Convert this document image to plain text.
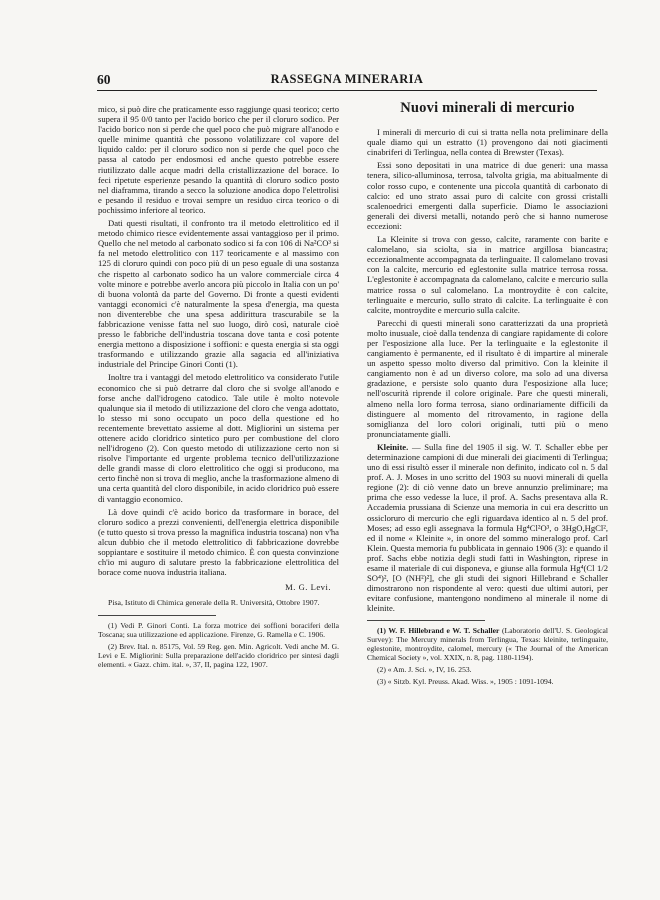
60	RASSEGNA MINERARIA

mico, si può dire che praticamente esso raggiunge quasi teorico; certo supera il 95 0/0 tanto per l'acido borico che per il cloruro sodico. Per l'acido borico non si perde che quel poco che può migrare all'anodo e quelle minime quantità che possono volatilizzare col vapore del liquido caldo: per il cloruro sodico non si perde che quel poco che passa al catodo per endosmosi ed anche questo potrebbe essere riutilizzato dalle acque madri della cristallizzazione del borace. Io feci ripetute esperienze pesando la quantità di cloruro sodico posto nel diaframma, tirando a secco la soluzione anodica dopo l'elettrolisi e pesando il residuo e trovai sempre un residuo circa teorico o di pochissimo inferiore al teorico.

Dati questi risultati, il confronto tra il metodo elettrolitico ed il metodo chimico riesce evidentemente assai vantaggioso per il primo. Quello che nel metodo al carbonato sodico si fa con 106 di Na²CO³ si fa nel metodo elettrolitico con 117 teoricamente e al massimo con 125 di cloruro quindi con poco più di un peso eguale di una sostanza che rispetto al carbonato sodico ha un valore commerciale circa 4 volte minore e potrebbe averlo ancora più piccolo in Italia con un po' di buona volontà da parte del Governo. Di fronte a questi evidenti vantaggi economici c'è naturalmente la spesa d'energia, ma questa non diventerebbe che una spesa addirittura trascurabile se la fabbricazione venisse fatta nel suo luogo, dirò così, naturale cioè presso le fabbriche dell'industria toscana dove tanta e così potente energia mettono a disposizione i soffioni: e questa energia si sta oggi trasformando e utilizzando grazie alla sagacia ed all'iniziativa industriale del Principe Ginori Conti (1).

Inoltre tra i vantaggi del metodo elettrolitico va considerato l'utile economico che si può detrarre dal cloro che si svolge all'anodo e forse anche dall'idrogeno catodico. Tale utile è molto notevole qualunque sia il metodo di utilizzazione del cloro che venga adottato, lo stesso mi sono occupato un poco della questione ed ho recentemente brevettato assieme al dott. Migliorini un sistema per ottenere acido cloridrico sintetico puro per combustione del cloro nell'idrogeno (2). Con questo metodo di utilizzazione certo non si risolve l'importante ed urgente problema tecnico dell'utilizzazione delle grandi masse di cloro elettrolitico che oggi si producono, ma certo finchè non si trova di meglio, anche la trasformazione almeno di una certa quantità del cloro disponibile, in acido cloridrico può essere di vantaggio economico.

Là dove quindi c'è acido borico da trasformare in borace, del cloruro sodico a prezzi convenienti, dell'energia elettrica disponibile (e tutto questo si trova presso la magnifica industria toscana) non v'ha alcun dubbio che il metodo elettrolitico di fabbricazione dovrebbe soppiantare e sostituire il metodo chimico. È con questa convinzione ch'io mi auguro di salutare presto la fabbricazione elettrolitica del borace come nuova industria italiana.

M. G. Levi.

Pisa, Istituto di Chimica generale della R. Università, Ottobre 1907.

(1) Vedi P. Ginori Conti. La forza motrice dei soffioni boraciferi della Toscana; sua utilizzazione ed applicazione. Firenze, G. Ramella e C. 1906.

(2) Brev. Ital. n. 85175, Vol. 59 Reg. gen. Min. Agricolt. Vedi anche M. G. Levi e E. Migliorini: Sulla preparazione dell'acido cloridrico per sintesi dagli elementi. « Gazz. chim. ital. », 37, II, pagina 122, 1907.

Nuovi minerali di mercurio

I minerali di mercurio di cui si tratta nella nota preliminare della quale diamo qui un estratto (1) provengono dai noti giacimenti cinabriferi di Terlingua, nella contea di Brewster (Texas).

Essi sono depositati in una matrice di due generi: una massa tenera, silico-alluminosa, terrosa, talvolta grigia, ma abitualmente di color rosso cupo, e contenente una piccola quantità di carbonato di calcio: ed uno strato assai puro di calcite con grossi cristalli scalenoedrici emergenti dalla superficie. Diamo le associazioni generali dei diversi metalli, notando però che si hanno numerose eccezioni:

La Kleinite si trova con gesso, calcite, raramente con barite e calomelano, sia sciolta, sia in matrice argillosa biancastra; eccezionalmente accompagnata da terlinguaite. Il calomelano trovasi con la calcite, mercurio ed eglestonite sulla matrice terrosa rossa. L'eglestonite è accompagnata da calomelano, calcite e mercurio sulla matrice rossa o sul calomelano. La montroydite è con calcite, terlinguaite e mercurio, sullo strato di calcite. La terlinguaite è con calcite, montroydite e mercurio sulla calcite.

Parecchi di questi minerali sono caratterizzati da una proprietà molto inusuale, cioè dalla tendenza di cangiare rapidamente di colore per l'esposizione alla luce. Per la terlinguaite e la eglestonite il cangiamento è permanente, ed il risultato è di impartire al minerale un aspetto spesso molto diverso dal primitivo. Con la kleinite il cangiamento non è ad un diverso colore, ma solo ad una diversa gradazione, e persiste solo quanto dura l'esposizione alla luce; nell'oscurità riprende il colore originale. Pare che questi minerali, almeno nella loro forma terrosa, siano ordinariamente difficili da distinguere al momento del ritrovamento, in ragione della somiglianza del loro colori originali, tutti più o meno pronunciatamente gialli.

Kleinite. — Sulla fine del 1905 il sig. W. T. Schaller ebbe per determinazione campioni di due minerali dei giacimenti di Terlingua; uno di essi risultò esser il minerale non definito, indicato col n. 5 dal prof. A. J. Moses in uno scritto del 1903 su nuovi minerali di quella regione (2): di ciò venne dato un breve annunzio preliminare; ma prima che esso vedesse la luce, il prof. A. Sachs presentava alla R. Accademia prussiana di Scienze una memoria in cui era descritto un ossicloruro di mercurio che egli riguardava identico al n. 5 del prof. Moses; ad esso egli assegnava la formula Hg⁴Cl²O³, o 3HgO,HgCl², ed il nome « Kleinite », in onore del sommo mineralogo prof. Carl Klein. Questa memoria fu pubblicata in gennaio 1906 (3): e quando il prof. Sachs ebbe notizia degli studi fatti in Washington, riprese in esame il materiale di cui disponeva, e giunse alla formula Hg⁴(Cl 1/2 SO⁴)², [O (NH²)²], che gli studi dei signori Hillebrand e Schaller dimostrarono non rispondente al vero: questi due ultimi autori, per evitare confusione, mantengono nondimeno al minerale il nome di kleinite.

(1) W. F. Hillebrand e W. T. Schaller (Laboratorio dell'U. S. Geological Survey): The Mercury minerals from Terlingua, Texas: kleinite, terlinguaite, eglestonite, montroydite, calomel, mercury (« The Journal of the American Chemical Society », vol. XXIX, n. 8, pag. 1180-1194).

(2) « Am. J. Sci. », IV, 16. 253.

(3) « Sitzb. Kyl. Preuss. Akad. Wiss. », 1905 : 1091-1094.
